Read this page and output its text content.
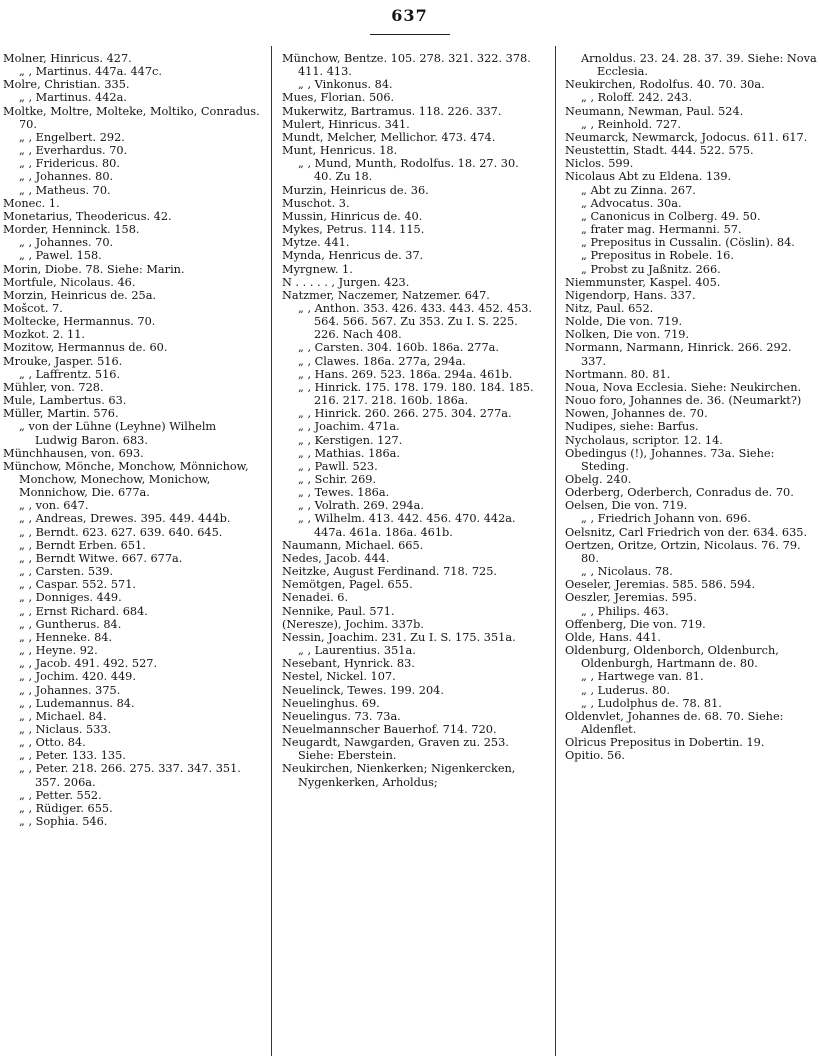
637

Molner, Hinricus. 427.

„ , Martinus. 447a. 447c.

Molre, Christian. 335.

„ , Martinus. 442a.

Moltke, Moltre, Molteke, Moltiko, Conradus. 70.

„ , Engelbert. 292.

„ , Everhardus. 70.

„ , Fridericus. 80.

„ , Johannes. 80.

„ , Matheus. 70.

Monec. 1.

Monetarius, Theodericus. 42.

Morder, Henninck. 158.

„ , Johannes. 70.

„ , Pawel. 158.

Morin, Diobe. 78. Siehe: Marin.

Mortfule, Nicolaus. 46.

Morzin, Heinricus de. 25a.

Mošcot. 7.

Moltecke, Hermannus. 70.

Mozkot. 2. 11.

Mozitow, Hermannus de. 60.

Mrouke, Jasper. 516.

„ , Laffrentz. 516.

Mühler, von. 728.

Mule, Lambertus. 63.

Müller, Martin. 576.

„ von der Lühne (Leyhne) Wilhelm Ludwig Baron. 683.

Münchhausen, von. 693.

Münchow, Mönche, Monchow, Mönnichow, Monchow, Monechow, Monichow, Monnichow, Die. 677a.

„ , von. 647.

„ , Andreas, Drewes. 395. 449. 444b.

„ , Berndt. 623. 627. 639. 640. 645.

„ , Berndt Erben. 651.

„ , Berndt Witwe. 667. 677a.

„ , Carsten. 539.

„ , Caspar. 552. 571.

„ , Donniges. 449.

„ , Ernst Richard. 684.

„ , Guntherus. 84.

„ , Henneke. 84.

„ , Heyne. 92.

„ , Jacob. 491. 492. 527.

„ , Jochim. 420. 449.

„ , Johannes. 375.

„ , Ludemannus. 84.

„ , Michael. 84.

„ , Niclaus. 533.

„ , Otto. 84.

„ , Peter. 133. 135.

„ , Peter. 218. 266. 275. 337. 347. 351. 357. 206a.

„ , Petter. 552.

„ , Rüdiger. 655.

„ , Sophia. 546.

Münchow, Bentze. 105. 278. 321. 322. 378. 411. 413.

„ , Vinkonus. 84.

Mues, Florian. 506.

Mukerwitz, Bartramus. 118. 226. 337.

Mulert, Hinricus. 341.

Mundt, Melcher, Mellichor. 473. 474.

Munt, Henricus. 18.

„ , Mund, Munth, Rodolfus. 18. 27. 30. 40. Zu 18.

Murzin, Heinricus de. 36.

Muschot. 3.

Mussin, Hinricus de. 40.

Mykes, Petrus. 114. 115.

Mytze. 441.

Mynda, Henricus de. 37.

Myrgnew. 1.

N . . . . . , Jurgen. 423.

Natzmer, Naczemer, Natzemer. 647.

„ , Anthon. 353. 426. 433. 443. 452. 453. 564. 566. 567. Zu 353. Zu I. S. 225. 226. Nach 408.

„ , Carsten. 304. 160b. 186a. 277a.

„ , Clawes. 186a. 277a, 294a.

„ , Hans. 269. 523. 186a. 294a. 461b.

„ , Hinrick. 175. 178. 179. 180. 184. 185. 216. 217. 218. 160b. 186a.

„ , Hinrick. 260. 266. 275. 304. 277a.

„ , Joachim. 471a.

„ , Kerstigen. 127.

„ , Mathias. 186a.

„ , Pawll. 523.

„ , Schir. 269.

„ , Tewes. 186a.

„ , Volrath. 269. 294a.

„ , Wilhelm. 413. 442. 456. 470. 442a. 447a. 461a. 186a. 461b.

Naumann, Michael. 665.

Nedes, Jacob. 444.

Neitzke, August Ferdinand. 718. 725.

Nemötgen, Pagel. 655.

Nenadei. 6.

Nennike, Paul. 571.

(Neresze), Jochim. 337b.

Nessin, Joachim. 231. Zu I. S. 175. 351a.

„ , Laurentius. 351a.

Nesebant, Hynrick. 83.

Nestel, Nickel. 107.

Neuelinck, Tewes. 199. 204.

Neuelinghus. 69.

Neuelingus. 73. 73a.

Neuelmannscher Bauerhof. 714. 720.

Neugardt, Nawgarden, Graven zu. 253. Siehe: Eberstein.

Neukirchen, Nienkerken; Nigenkercken, Nygenkerken, Arholdus;

Arnoldus. 23. 24. 28. 37. 39. Siehe: Nova Ecclesia.

Neukirchen, Rodolfus. 40. 70. 30a.

„ , Roloff. 242. 243.

Neumann, Newman, Paul. 524.

„ , Reinhold. 727.

Neumarck, Newmarck, Jodocus. 611. 617.

Neustettin, Stadt. 444. 522. 575.

Niclos. 599.

Nicolaus Abt zu Eldena. 139.

„ Abt zu Zinna. 267.

„ Advocatus. 30a.

„ Canonicus in Colberg. 49. 50.

„ frater mag. Hermanni. 57.

„ Prepositus in Cussalin. (Cöslin). 84.

„ Prepositus in Robele. 16.

„ Probst zu Jaßnitz. 266.

Niemmunster, Kaspel. 405.

Nigendorp, Hans. 337.

Nitz, Paul. 652.

Nolde, Die von. 719.

Nolken, Die von. 719.

Normann, Narmann, Hinrick. 266. 292. 337.

Nortmann. 80. 81.

Noua, Nova Ecclesia. Siehe: Neukirchen.

Nouo foro, Johannes de. 36. (Neumarkt?)

Nowen, Johannes de. 70.

Nudipes, siehe: Barfus.

Nycholaus, scriptor. 12. 14.

Obedingus (!), Johannes. 73a. Siehe: Steding.

Obelg. 240.

Oderberg, Oderberch, Conradus de. 70.

Oelsen, Die von. 719.

„ , Friedrich Johann von. 696.

Oelsnitz, Carl Friedrich von der. 634. 635.

Oertzen, Oritze, Ortzin, Nicolaus. 76. 79. 80.

„ , Nicolaus. 78.

Oeseler, Jeremias. 585. 586. 594.

Oeszler, Jeremias. 595.

„ , Philips. 463.

Offenberg, Die von. 719.

Olde, Hans. 441.

Oldenburg, Oldenborch, Oldenburch, Oldenburgh, Hartmann de. 80.

„ , Hartwege van. 81.

„ , Luderus. 80.

„ , Ludolphus de. 78. 81.

Oldenvlet, Johannes de. 68. 70. Siehe: Aldenflet.

Olricus Prepositus in Dobertin. 19.

Opitio. 56.
